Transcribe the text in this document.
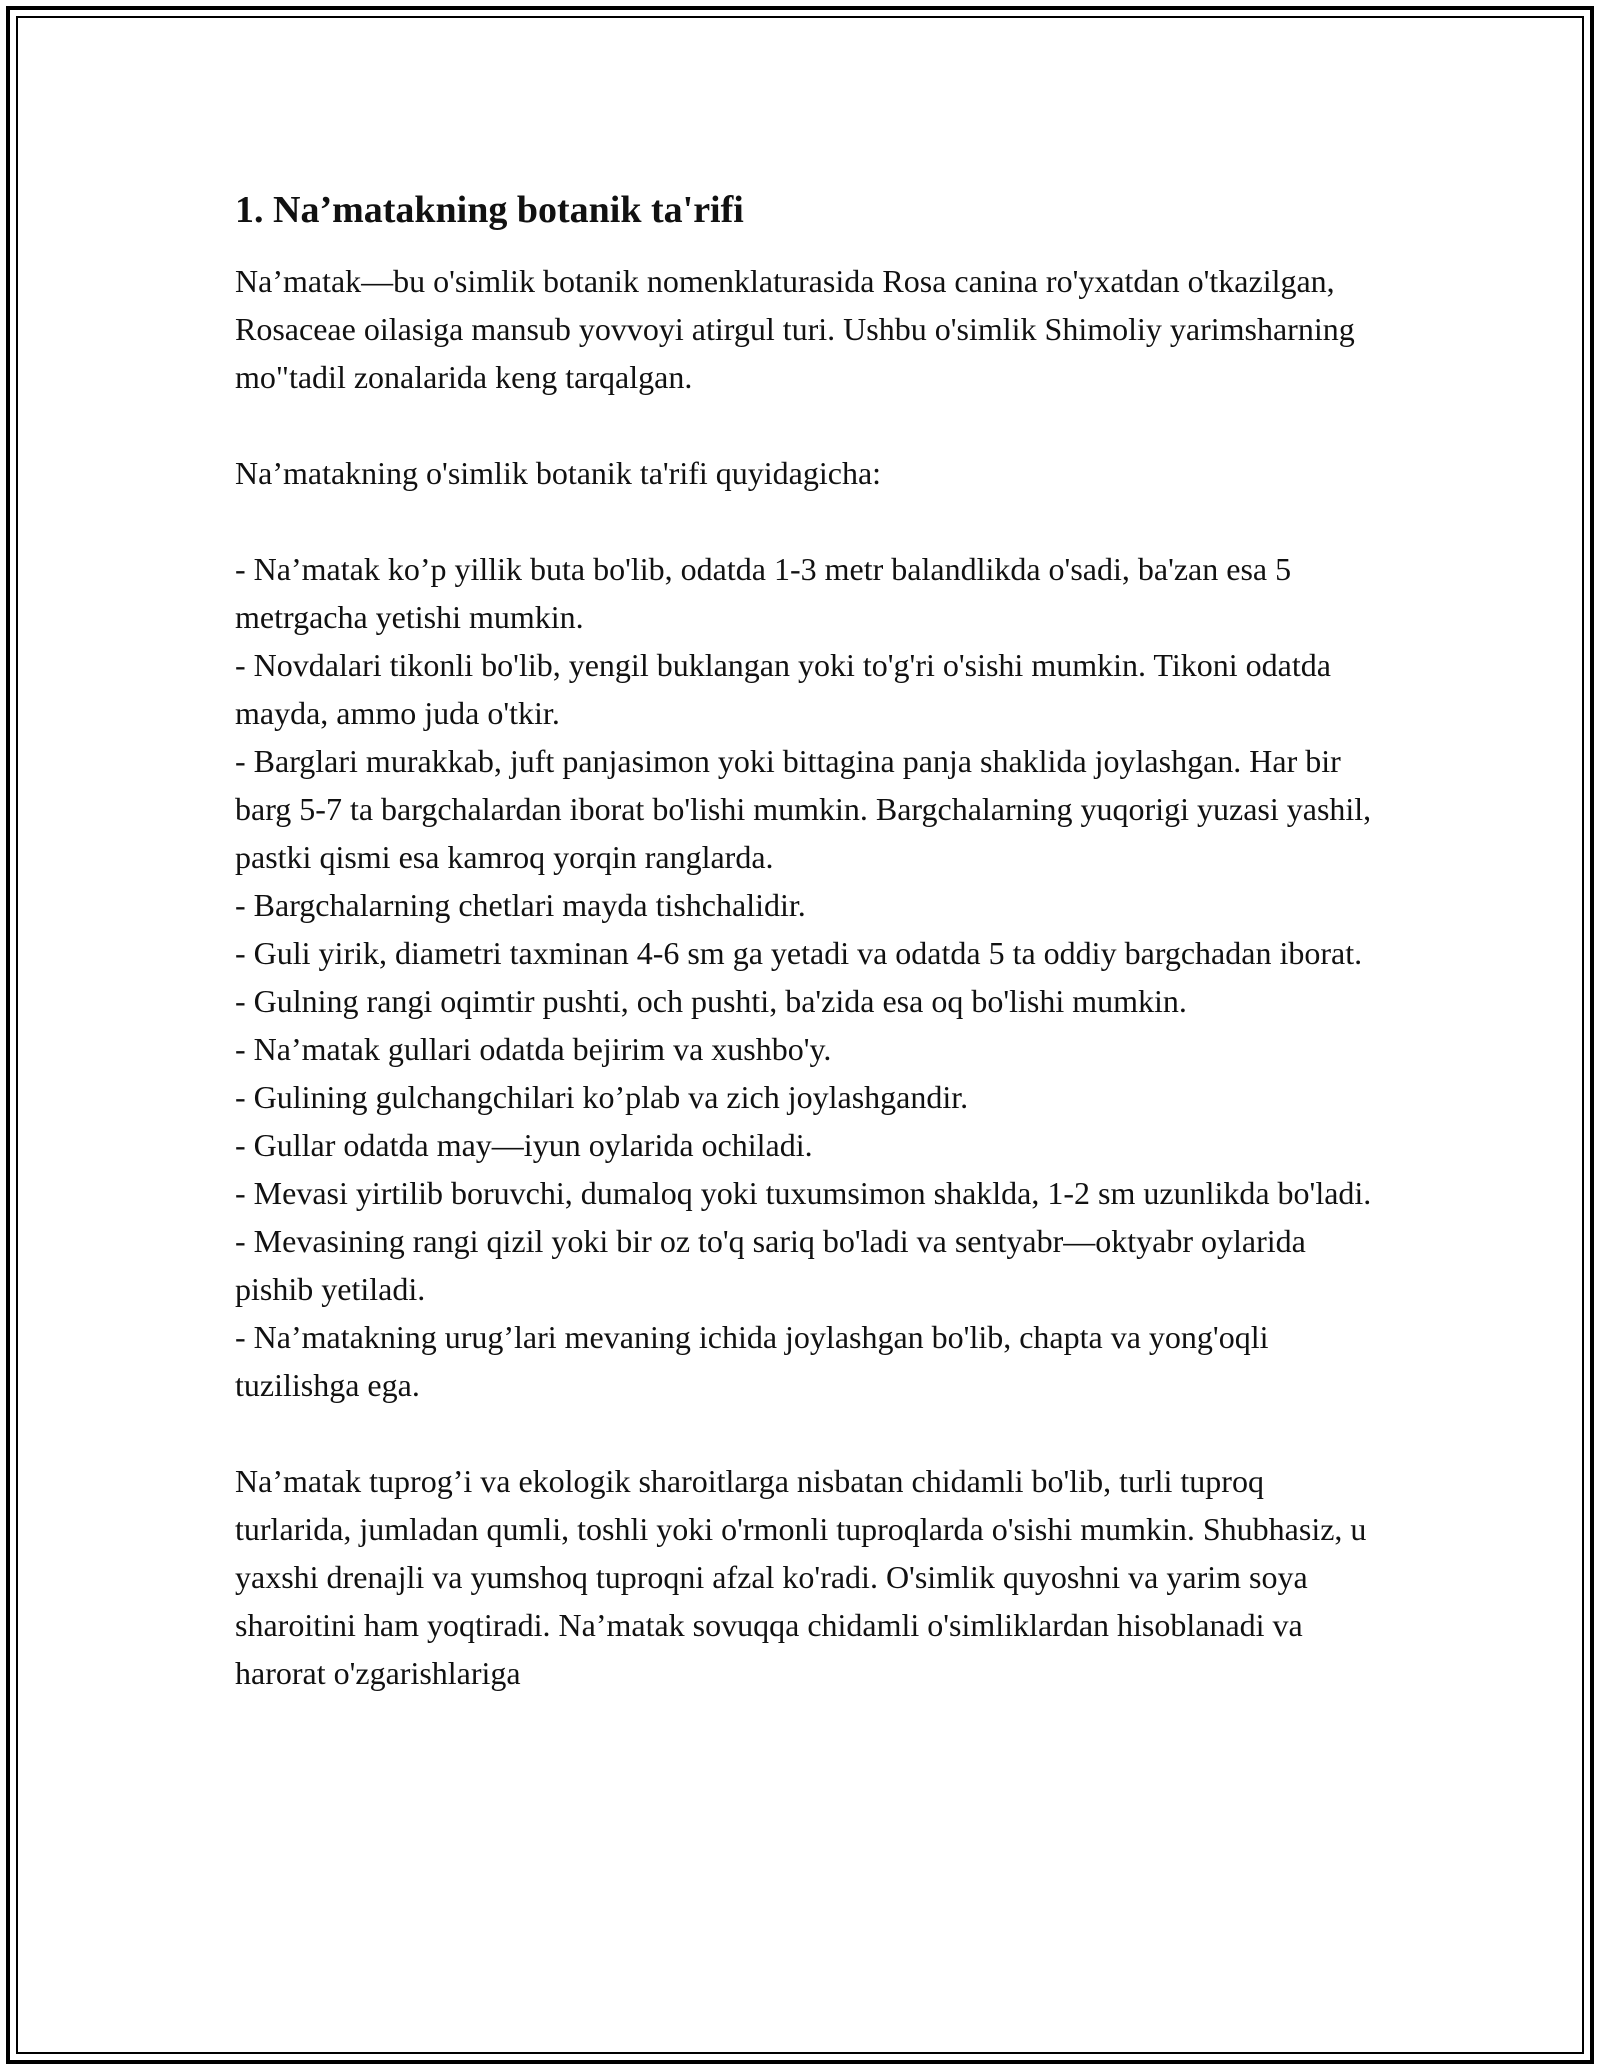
1. Na’matakning botanik ta'rifi

Na’matak—bu o'simlik botanik nomenklaturasida Rosa canina ro'yxatdan o'tkazilgan, Rosaceae oilasiga mansub yovvoyi atirgul turi. Ushbu o'simlik Shimoliy yarimsharning mo"tadil zonalarida keng tarqalgan.

Na’matakning o'simlik botanik ta'rifi quyidagicha:

- Na’matak ko’p yillik buta bo'lib, odatda 1-3 metr balandlikda o'sadi, ba'zan esa 5 metrgacha yetishi mumkin.
- Novdalari tikonli bo'lib, yengil buklangan yoki to'g'ri o'sishi mumkin. Tikoni odatda mayda, ammo juda o'tkir.
- Barglari murakkab, juft panjasimon yoki bittagina panja shaklida joylashgan. Har bir barg 5-7 ta bargchalardan iborat bo'lishi mumkin. Bargchalarning yuqorigi yuzasi yashil, pastki qismi esa kamroq yorqin ranglarda.
- Bargchalarning chetlari mayda tishchalidir.
- Guli yirik, diametri taxminan 4-6 sm ga yetadi va odatda 5 ta oddiy bargchadan iborat.
- Gulning rangi oqimtir pushti, och pushti, ba'zida esa oq bo'lishi mumkin.
- Na’matak gullari odatda bejirim va xushbo'y.
- Gulining gulchangchilari ko’plab va zich joylashgandir.
- Gullar odatda may—iyun oylarida ochiladi.
- Mevasi yirtilib boruvchi, dumaloq yoki tuxumsimon shaklda, 1-2 sm uzunlikda bo'ladi.
- Mevasining rangi qizil yoki bir oz to'q sariq bo'ladi va sentyabr—oktyabr oylarida pishib yetiladi.
- Na’matakning urug’lari mevaning ichida joylashgan bo'lib, chapta va yong'oqli tuzilishga ega.

Na’matak tuprog’i va ekologik sharoitlarga nisbatan chidamli bo'lib, turli tuproq turlarida, jumladan qumli, toshli yoki o'rmonli tuproqlarda o'sishi mumkin. Shubhasiz, u yaxshi drenajli va yumshoq tuproqni afzal ko'radi. O'simlik quyoshni va yarim soya sharoitini ham yoqtiradi. Na’matak sovuqqa chidamli o'simliklardan hisoblanadi va harorat o'zgarishlariga
